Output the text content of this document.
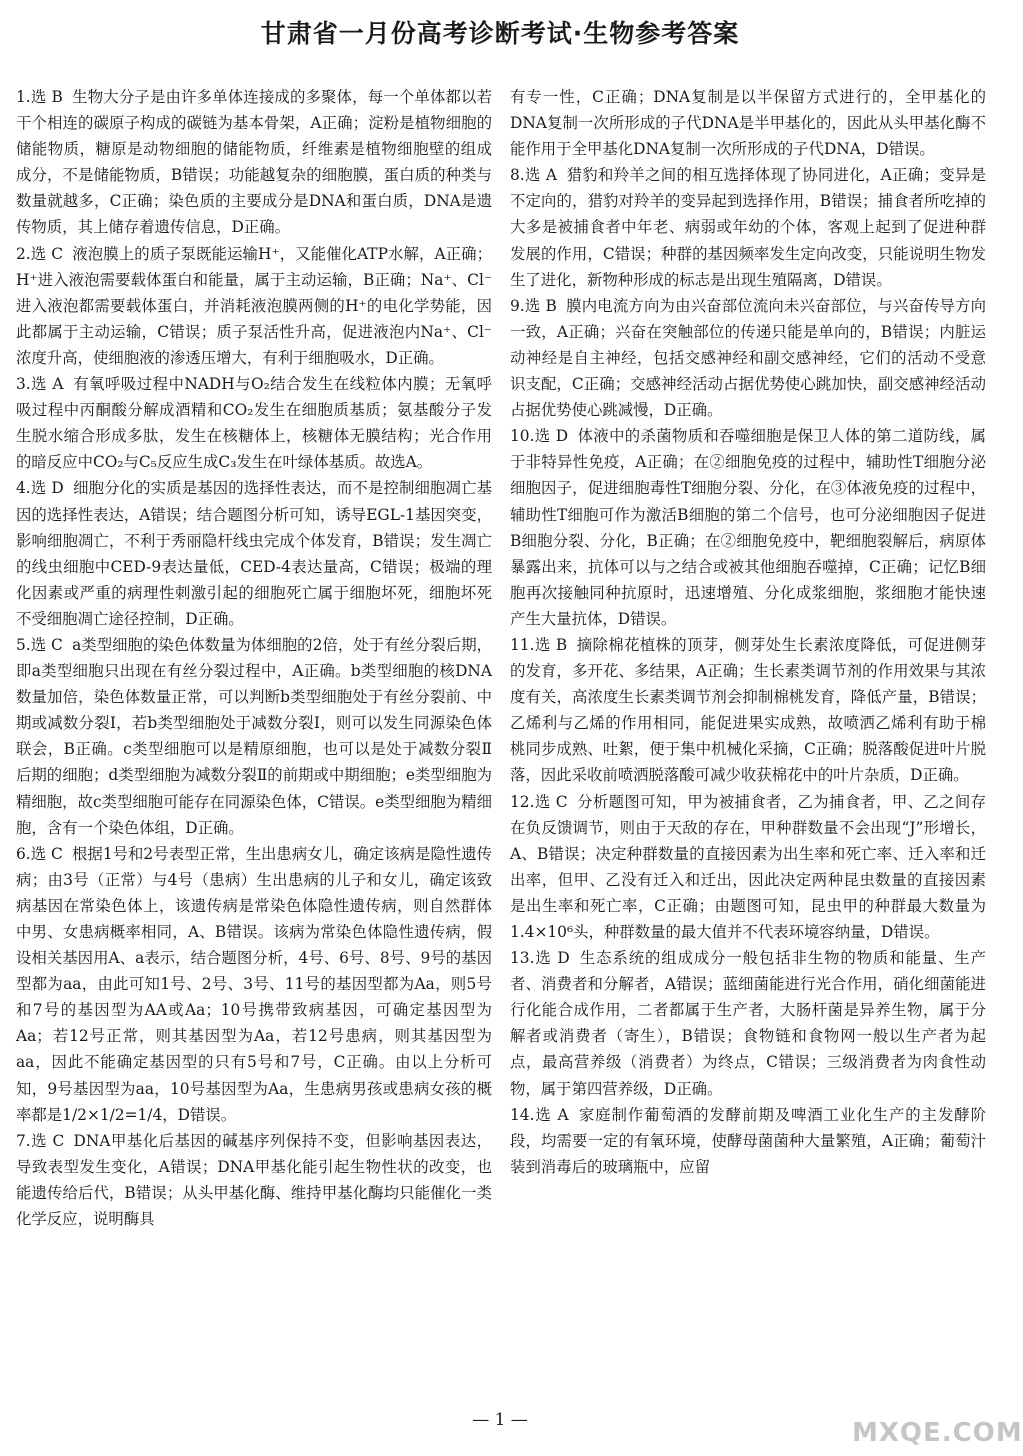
甘肃省一月份高考诊断考试·生物参考答案

1.选 B 生物大分子是由许多单体连接成的多聚体，每一个单体都以若干个相连的碳原子构成的碳链为基本骨架，A正确；淀粉是植物细胞的储能物质，糖原是动物细胞的储能物质，纤维素是植物细胞壁的组成成分，不是储能物质，B错误；功能越复杂的细胞膜，蛋白质的种类与数量就越多，C正确；染色质的主要成分是DNA和蛋白质，DNA是遗传物质，其上储存着遗传信息，D正确。

2.选 C 液泡膜上的质子泵既能运输H⁺，又能催化ATP水解，A正确；H⁺进入液泡需要载体蛋白和能量，属于主动运输，B正确；Na⁺、Cl⁻进入液泡都需要载体蛋白，并消耗液泡膜两侧的H⁺的电化学势能，因此都属于主动运输，C错误；质子泵活性升高，促进液泡内Na⁺、Cl⁻浓度升高，使细胞液的渗透压增大，有利于细胞吸水，D正确。

3.选 A 有氧呼吸过程中NADH与O₂结合发生在线粒体内膜；无氧呼吸过程中丙酮酸分解成酒精和CO₂发生在细胞质基质；氨基酸分子发生脱水缩合形成多肽，发生在核糖体上，核糖体无膜结构；光合作用的暗反应中CO₂与C₅反应生成C₃发生在叶绿体基质。故选A。

4.选 D 细胞分化的实质是基因的选择性表达，而不是控制细胞凋亡基因的选择性表达，A错误；结合题图分析可知，诱导EGL-1基因突变，影响细胞凋亡，不利于秀丽隐杆线虫完成个体发育，B错误；发生凋亡的线虫细胞中CED-9表达量低，CED-4表达量高，C错误；极端的理化因素或严重的病理性刺激引起的细胞死亡属于细胞坏死，细胞坏死不受细胞凋亡途径控制，D正确。

5.选 C a类型细胞的染色体数量为体细胞的2倍，处于有丝分裂后期，即a类型细胞只出现在有丝分裂过程中，A正确。b类型细胞的核DNA数量加倍，染色体数量正常，可以判断b类型细胞处于有丝分裂前、中期或减数分裂Ⅰ，若b类型细胞处于减数分裂Ⅰ，则可以发生同源染色体联会，B正确。c类型细胞可以是精原细胞，也可以是处于减数分裂Ⅱ后期的细胞；d类型细胞为减数分裂Ⅱ的前期或中期细胞；e类型细胞为精细胞，故c类型细胞可能存在同源染色体，C错误。e类型细胞为精细胞，含有一个染色体组，D正确。

6.选 C 根据1号和2号表型正常，生出患病女儿，确定该病是隐性遗传病；由3号（正常）与4号（患病）生出患病的儿子和女儿，确定该致病基因在常染色体上，该遗传病是常染色体隐性遗传病，则自然群体中男、女患病概率相同，A、B错误。该病为常染色体隐性遗传病，假设相关基因用A、a表示，结合题图分析，4号、6号、8号、9号的基因型都为aa，由此可知1号、2号、3号、11号的基因型都为Aa，则5号和7号的基因型为AA或Aa；10号携带致病基因，可确定基因型为Aa；若12号正常，则其基因型为Aa，若12号患病，则其基因型为aa，因此不能确定基因型的只有5号和7号，C正确。由以上分析可知，9号基因型为aa，10号基因型为Aa，生患病男孩或患病女孩的概率都是1/2×1/2=1/4，D错误。

7.选 C DNA甲基化后基因的碱基序列保持不变，但影响基因表达，导致表型发生变化，A错误；DNA甲基化能引起生物性状的改变，也能遗传给后代，B错误；从头甲基化酶、维持甲基化酶均只能催化一类化学反应，说明酶具

有专一性，C正确；DNA复制是以半保留方式进行的，全甲基化的DNA复制一次所形成的子代DNA是半甲基化的，因此从头甲基化酶不能作用于全甲基化DNA复制一次所形成的子代DNA，D错误。

8.选 A 猎豹和羚羊之间的相互选择体现了协同进化，A正确；变异是不定向的，猎豹对羚羊的变异起到选择作用，B错误；捕食者所吃掉的大多是被捕食者中年老、病弱或年幼的个体，客观上起到了促进种群发展的作用，C错误；种群的基因频率发生定向改变，只能说明生物发生了进化，新物种形成的标志是出现生殖隔离，D错误。

9.选 B 膜内电流方向为由兴奋部位流向未兴奋部位，与兴奋传导方向一致，A正确；兴奋在突触部位的传递只能是单向的，B错误；内脏运动神经是自主神经，包括交感神经和副交感神经，它们的活动不受意识支配，C正确；交感神经活动占据优势使心跳加快，副交感神经活动占据优势使心跳减慢，D正确。

10.选 D 体液中的杀菌物质和吞噬细胞是保卫人体的第二道防线，属于非特异性免疫，A正确；在②细胞免疫的过程中，辅助性T细胞分泌细胞因子，促进细胞毒性T细胞分裂、分化，在③体液免疫的过程中，辅助性T细胞可作为激活B细胞的第二个信号，也可分泌细胞因子促进B细胞分裂、分化，B正确；在②细胞免疫中，靶细胞裂解后，病原体暴露出来，抗体可以与之结合或被其他细胞吞噬掉，C正确；记忆B细胞再次接触同种抗原时，迅速增殖、分化成浆细胞，浆细胞才能快速产生大量抗体，D错误。

11.选 B 摘除棉花植株的顶芽，侧芽处生长素浓度降低，可促进侧芽的发育，多开花、多结果，A正确；生长素类调节剂的作用效果与其浓度有关，高浓度生长素类调节剂会抑制棉桃发育，降低产量，B错误；乙烯利与乙烯的作用相同，能促进果实成熟，故喷洒乙烯利有助于棉桃同步成熟、吐絮，便于集中机械化采摘，C正确；脱落酸促进叶片脱落，因此采收前喷洒脱落酸可减少收获棉花中的叶片杂质，D正确。

12.选 C 分析题图可知，甲为被捕食者，乙为捕食者，甲、乙之间存在负反馈调节，则由于天敌的存在，甲种群数量不会出现“J”形增长，A、B错误；决定种群数量的直接因素为出生率和死亡率、迁入率和迁出率，但甲、乙没有迁入和迁出，因此决定两种昆虫数量的直接因素是出生率和死亡率，C正确；由题图可知，昆虫甲的种群最大数量为1.4×10⁶头，种群数量的最大值并不代表环境容纳量，D错误。

13.选 D 生态系统的组成成分一般包括非生物的物质和能量、生产者、消费者和分解者，A错误；蓝细菌能进行光合作用，硝化细菌能进行化能合成作用，二者都属于生产者，大肠杆菌是异养生物，属于分解者或消费者（寄生），B错误；食物链和食物网一般以生产者为起点，最高营养级（消费者）为终点，C错误；三级消费者为肉食性动物，属于第四营养级，D正确。

14.选 A 家庭制作葡萄酒的发酵前期及啤酒工业化生产的主发酵阶段，均需要一定的有氧环境，使酵母菌菌种大量繁殖，A正确；葡萄汁装到消毒后的玻璃瓶中，应留

— 1 —	MXQE.COM
